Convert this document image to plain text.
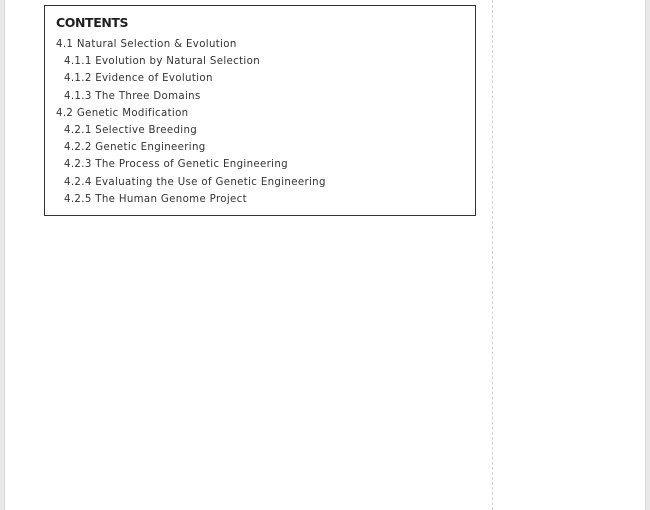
CONTENTS
4.1 Natural Selection & Evolution
4.1.1 Evolution by Natural Selection
4.1.2 Evidence of Evolution
4.1.3 The Three Domains
4.2 Genetic Modification
4.2.1 Selective Breeding
4.2.2 Genetic Engineering
4.2.3 The Process of Genetic Engineering
4.2.4 Evaluating the Use of Genetic Engineering
4.2.5 The Human Genome Project
